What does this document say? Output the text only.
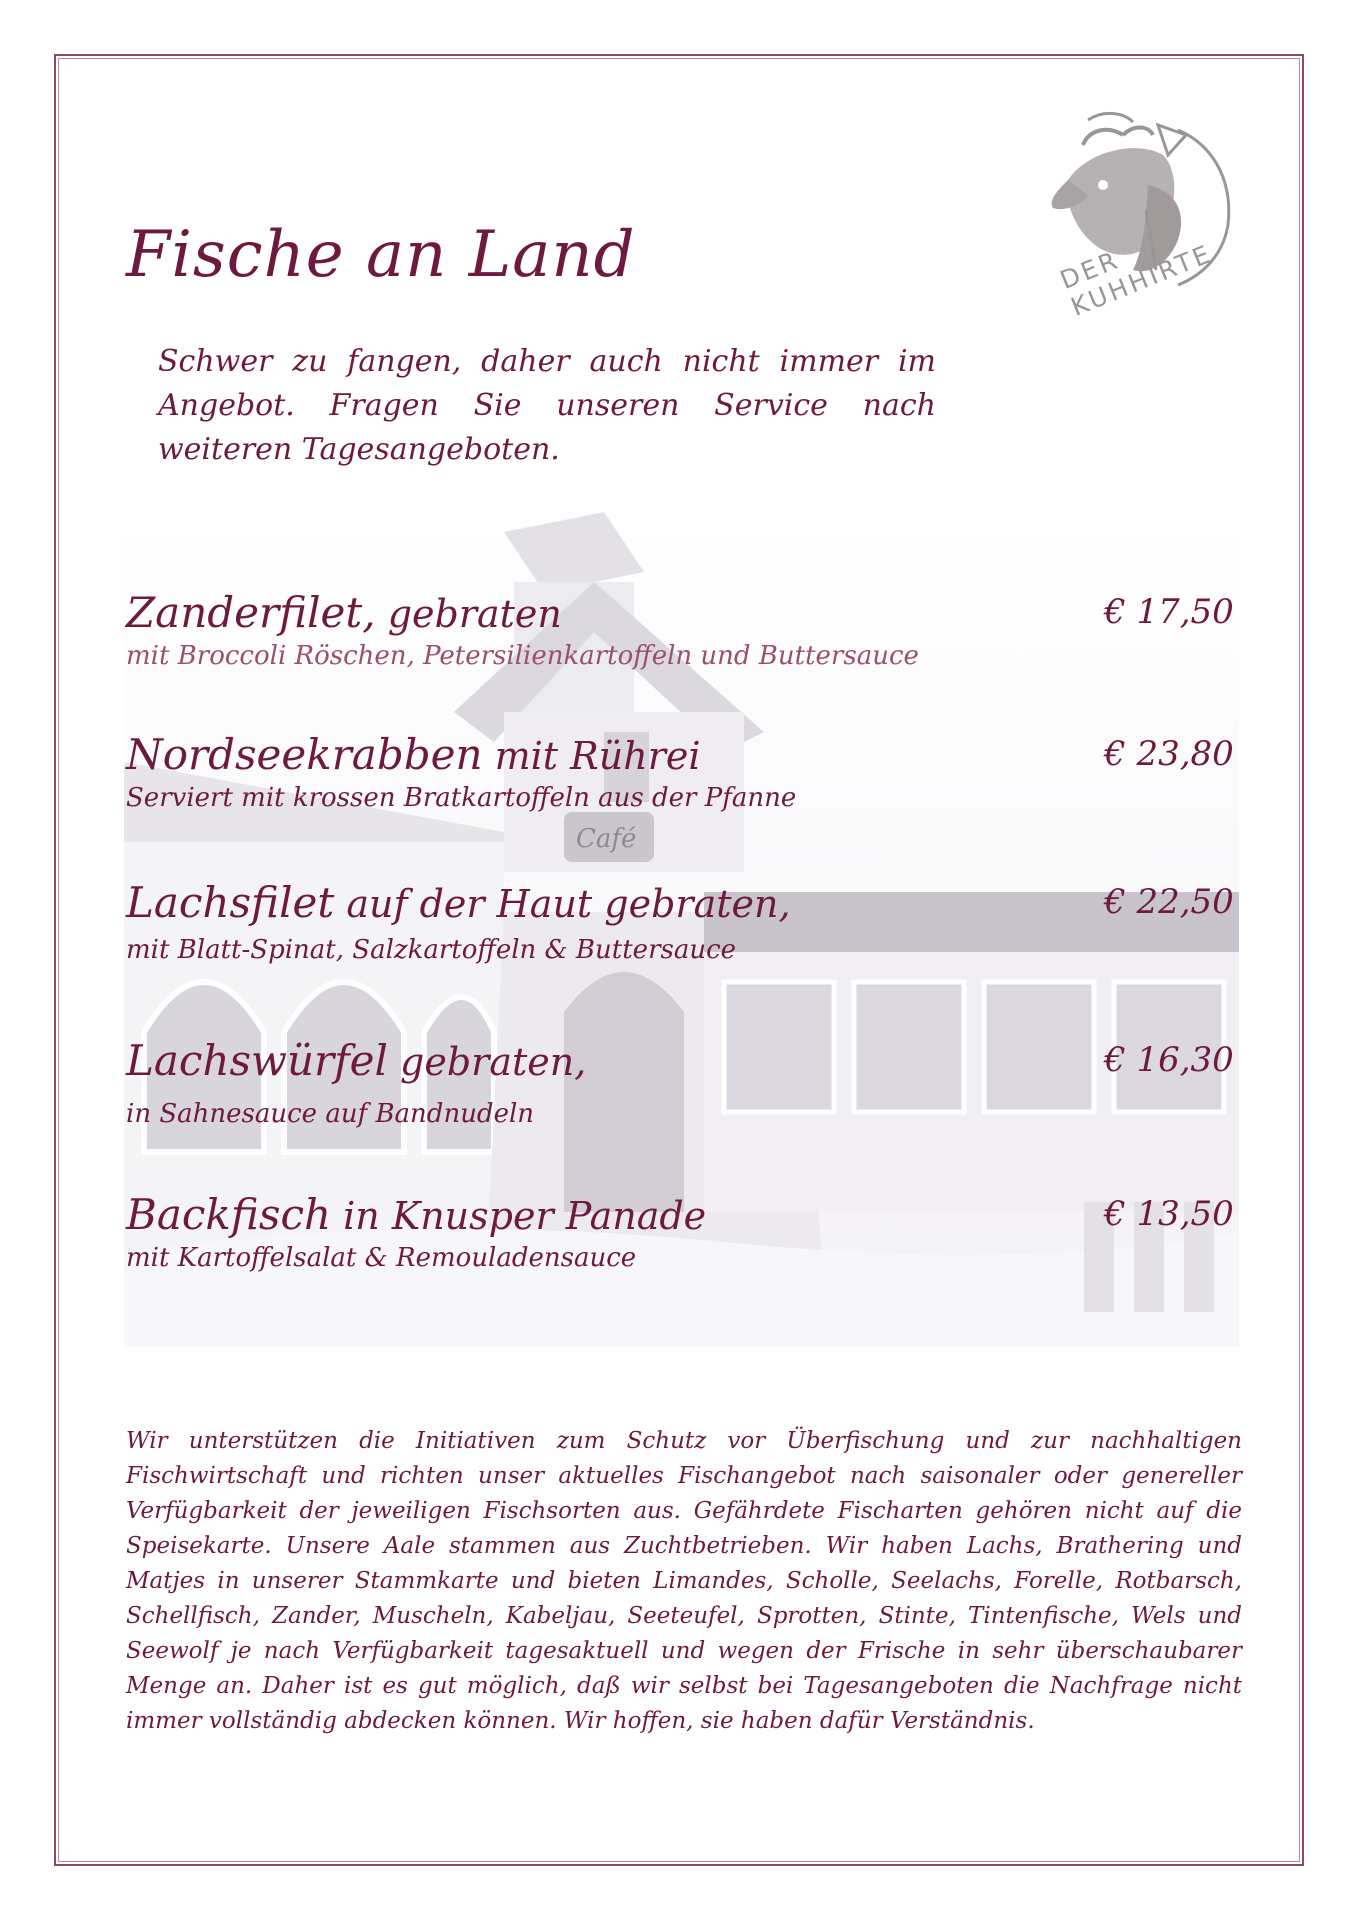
DER KUHHIRTE
Fische an Land
Schwer zu fangen, daher auch nicht immer im
Angebot. Fragen Sie unseren Service nach
weiteren Tagesangeboten.
Café
Zanderfilet, gebraten
mit Broccoli Röschen, Petersilienkartoffeln und Buttersauce
€ 17,50
Nordseekrabben mit Rührei
Serviert mit krossen Bratkartoffeln aus der Pfanne
€ 23,80
Lachsfilet auf der Haut gebraten,
mit Blatt-Spinat, Salzkartoffeln & Buttersauce
€ 22,50
Lachswürfel gebraten,
in Sahnesauce auf Bandnudeln
€ 16,30
Backfisch in Knusper Panade
mit Kartoffelsalat & Remouladensauce
€ 13,50
Wir unterstützen die Initiativen zum Schutz vor Überfischung und zur nachhaltigen
Fischwirtschaft und richten unser aktuelles Fischangebot nach saisonaler oder genereller
Verfügbarkeit der jeweiligen Fischsorten aus. Gefährdete Fischarten gehören nicht auf die
Speisekarte. Unsere Aale stammen aus Zuchtbetrieben. Wir haben Lachs, Brathering und
Matjes in unserer Stammkarte und bieten Limandes, Scholle, Seelachs, Forelle, Rotbarsch,
Schellfisch, Zander, Muscheln, Kabeljau, Seeteufel, Sprotten, Stinte, Tintenfische, Wels und
Seewolf je nach Verfügbarkeit tagesaktuell und wegen der Frische in sehr überschaubarer
Menge an. Daher ist es gut möglich, daß wir selbst bei Tagesangeboten die Nachfrage nicht
immer vollständig abdecken können. Wir hoffen, sie haben dafür Verständnis.
